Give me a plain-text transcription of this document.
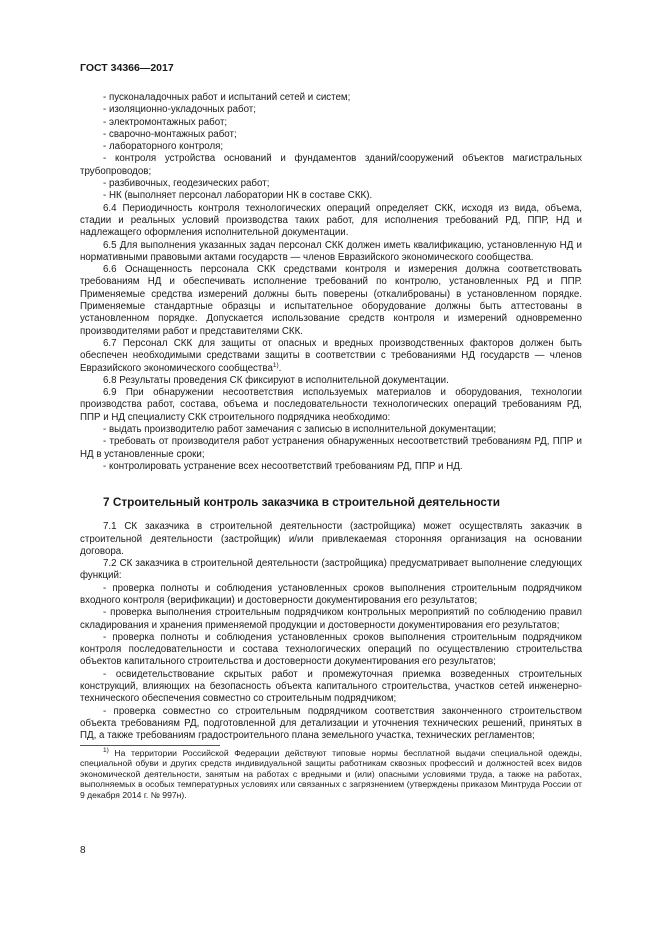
ГОСТ 34366—2017

- пусконаладочных работ и испытаний сетей и систем;

- изоляционно-укладочных работ;

- электромонтажных работ;

- сварочно-монтажных работ;

- лабораторного контроля;

- контроля устройства оснований и фундаментов зданий/сооружений объектов магистральных трубопроводов;

- разбивочных, геодезических работ;

- НК (выполняет персонал лаборатории НК в составе СКК).

6.4 Периодичность контроля технологических операций определяет СКК, исходя из вида, объема, стадии и реальных условий производства таких работ, для исполнения требований РД, ППР, НД и надлежащего оформления исполнительной документации.

6.5 Для выполнения указанных задач персонал СКК должен иметь квалификацию, установленную НД и нормативными правовыми актами государств — членов Евразийского экономического сообщества.

6.6 Оснащенность персонала СКК средствами контроля и измерения должна соответствовать требованиям НД и обеспечивать исполнение требований по контролю, установленных РД и ППР. Применяемые средства измерений должны быть поверены (откалиброваны) в установленном порядке. Применяемые стандартные образцы и испытательное оборудование должны быть аттестованы в установленном порядке. Допускается использование средств контроля и измерений одновременно производителями работ и представителями СКК.

6.7 Персонал СКК для защиты от опасных и вредных производственных факторов должен быть обеспечен необходимыми средствами защиты в соответствии с требованиями НД государств — членов Евразийского экономического сообщества$^{1)}$.

6.8 Результаты проведения СК фиксируют в исполнительной документации.

6.9 При обнаружении несоответствия используемых материалов и оборудования, технологии производства работ, состава, объема и последовательности технологических операций требованиям РД, ППР и НД специалисту СКК строительного подрядчика необходимо:

- выдать производителю работ замечания с записью в исполнительной документации;

- требовать от производителя работ устранения обнаруженных несоответствий требованиям РД, ППР и НД в установленные сроки;

- контролировать устранение всех несоответствий требованиям РД, ППР и НД.

7 Строительный контроль заказчика в строительной деятельности

7.1 СК заказчика в строительной деятельности (застройщика) может осуществлять заказчик в строительной деятельности (застройщик) и/или привлекаемая сторонняя организация на основании договора.

7.2 СК заказчика в строительной деятельности (застройщика) предусматривает выполнение следующих функций:

- проверка полноты и соблюдения установленных сроков выполнения строительным подрядчиком входного контроля (верификации) и достоверности документирования его результатов;

- проверка выполнения строительным подрядчиком контрольных мероприятий по соблюдению правил складирования и хранения применяемой продукции и достоверности документирования его результатов;

- проверка полноты и соблюдения установленных сроков выполнения строительным подрядчиком контроля последовательности и состава технологических операций по осуществлению строительства объектов капитального строительства и достоверности документирования его результатов;

- освидетельствование скрытых работ и промежуточная приемка возведенных строительных конструкций, влияющих на безопасность объекта капитального строительства, участков сетей инженерно-технического обеспечения совместно со строительным подрядчиком;

- проверка совместно со строительным подрядчиком соответствия законченного строительством объекта требованиям РД, подготовленной для детализации и уточнения технических решений, принятых в ПД, а также требованиям градостроительного плана земельного участка, технических регламентов;

$^{1)}$ На территории Российской Федерации действуют типовые нормы бесплатной выдачи специальной одежды, специальной обуви и других средств индивидуальной защиты работникам сквозных профессий и должностей всех видов экономической деятельности, занятым на работах с вредными и (или) опасными условиями труда, а также на работах, выполняемых в особых температурных условиях или связанных с загрязнением (утверждены приказом Минтруда России от 9 декабря 2014 г. № 997н).

8
